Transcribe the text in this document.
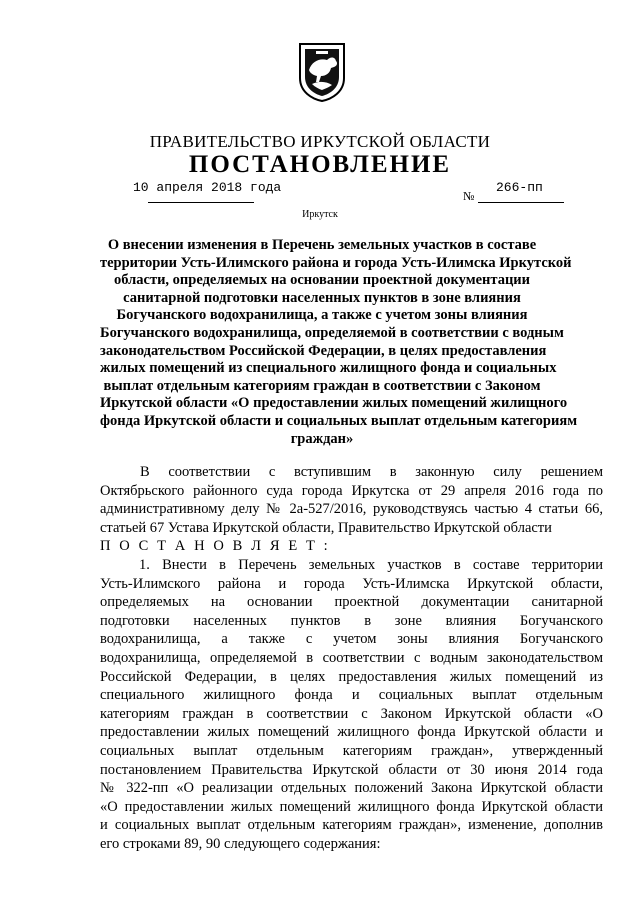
ПРАВИТЕЛЬСТВО ИРКУТСКОЙ ОБЛАСТИ
ПОСТАНОВЛЕНИЕ
10 апреля 2018 года
№
266-пп
Иркутск
О внесении изменения в Перечень земельных участков в составе
территории Усть-Илимского района и города Усть-Илимска Иркутской
области, определяемых на основании проектной документации
санитарной подготовки населенных пунктов в зоне влияния
Богучанского водохранилища, а также с учетом зоны влияния
Богучанского водохранилища, определяемой в соответствии с водным
законодательством Российской Федерации, в целях предоставления
жилых помещений из специального жилищного фонда и социальных
выплат отдельным категориям граждан в соответствии с Законом
Иркутской области «О предоставлении жилых помещений жилищного
фонда Иркутской области и социальных выплат отдельным категориям
граждан»
В соответствии с вступившим в законную силу решением
Октябрьского районного суда города Иркутска от 29 апреля 2016 года по
административному делу № 2а-527/2016, руководствуясь частью 4 статьи 66,
статьей 67 Устава Иркутской области, Правительство Иркутской области
П О С Т А Н О В Л Я Е Т :
1. Внести в Перечень земельных участков в составе территории
Усть-Илимского района и города Усть-Илимска Иркутской области,
определяемых на основании проектной документации санитарной
подготовки населенных пунктов в зоне влияния Богучанского
водохранилища, а также с учетом зоны влияния Богучанского
водохранилища, определяемой в соответствии с водным законодательством
Российской Федерации, в целях предоставления жилых помещений из
специального жилищного фонда и социальных выплат отдельным
категориям граждан в соответствии с Законом Иркутской области «О
предоставлении жилых помещений жилищного фонда Иркутской области и
социальных выплат отдельным категориям граждан», утвержденный
постановлением Правительства Иркутской области от 30 июня 2014 года
№ 322-пп «О реализации отдельных положений Закона Иркутской области
«О предоставлении жилых помещений жилищного фонда Иркутской области
и социальных выплат отдельным категориям граждан», изменение, дополнив
его строками 89, 90 следующего содержания:
